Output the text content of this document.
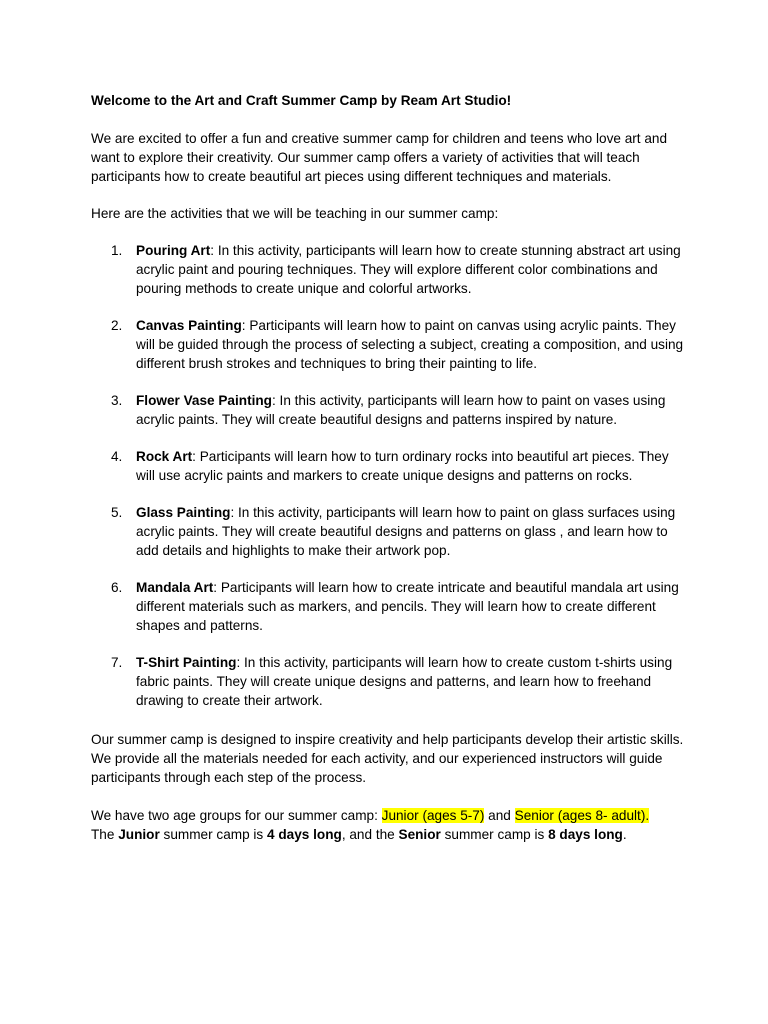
Welcome to the Art and Craft Summer Camp by Ream Art Studio!

We are excited to offer a fun and creative summer camp for children and teens who love art and want to explore their creativity. Our summer camp offers a variety of activities that will teach participants how to create beautiful art pieces using different techniques and materials.

Here are the activities that we will be teaching in our summer camp:

1. Pouring Art: In this activity, participants will learn how to create stunning abstract art using acrylic paint and pouring techniques. They will explore different color combinations and pouring methods to create unique and colorful artworks.
2. Canvas Painting: Participants will learn how to paint on canvas using acrylic paints. They will be guided through the process of selecting a subject, creating a composition, and using different brush strokes and techniques to bring their painting to life.
3. Flower Vase Painting: In this activity, participants will learn how to paint on vases using acrylic paints. They will create beautiful designs and patterns inspired by nature.
4. Rock Art: Participants will learn how to turn ordinary rocks into beautiful art pieces. They will use acrylic paints and markers to create unique designs and patterns on rocks.
5. Glass Painting: In this activity, participants will learn how to paint on glass surfaces using acrylic paints. They will create beautiful designs and patterns on glass , and learn how to add details and highlights to make their artwork pop.
6. Mandala Art: Participants will learn how to create intricate and beautiful mandala art using different materials such as markers, and pencils. They will learn how to create different shapes and patterns.
7. T-Shirt Painting: In this activity, participants will learn how to create custom t-shirts using fabric paints. They will create unique designs and patterns, and learn how to freehand drawing to create their artwork.

Our summer camp is designed to inspire creativity and help participants develop their artistic skills. We provide all the materials needed for each activity, and our experienced instructors will guide participants through each step of the process.

We have two age groups for our summer camp: Junior (ages 5-7) and Senior (ages 8- adult).
The Junior summer camp is 4 days long, and the Senior summer camp is 8 days long.
